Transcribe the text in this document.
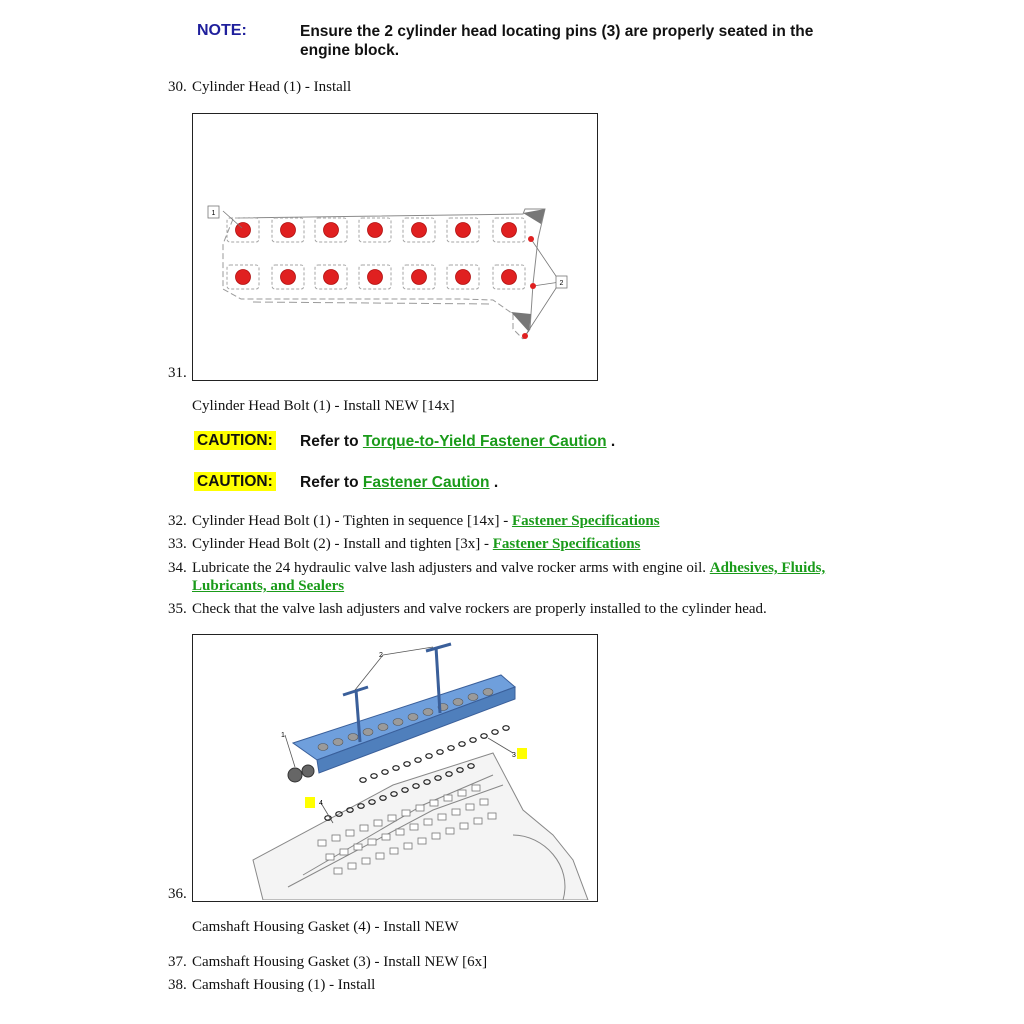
NOTE:	Ensure the 2 cylinder head locating pins (3) are properly seated in the
engine block.
30. Cylinder Head (1) - Install
1
2
31.
Cylinder Head Bolt (1) - Install NEW [14x]
CAUTION: Refer to Torque-to-Yield Fastener Caution .
CAUTION: Refer to Fastener Caution .
32. Cylinder Head Bolt (1) - Tighten in sequence [14x] - Fastener Specifications
33. Cylinder Head Bolt (2) - Install and tighten [3x] - Fastener Specifications
34. Lubricate the 24 hydraulic valve lash adjusters and valve rocker arms with engine oil. Adhesives, Fluids,
Lubricants, and Sealers
35. Check that the valve lash adjusters and valve rockers are properly installed to the cylinder head.
2
1
3
4
36.
Camshaft Housing Gasket (4) - Install NEW
37. Camshaft Housing Gasket (3) - Install NEW [6x]
38. Camshaft Housing (1) - Install
